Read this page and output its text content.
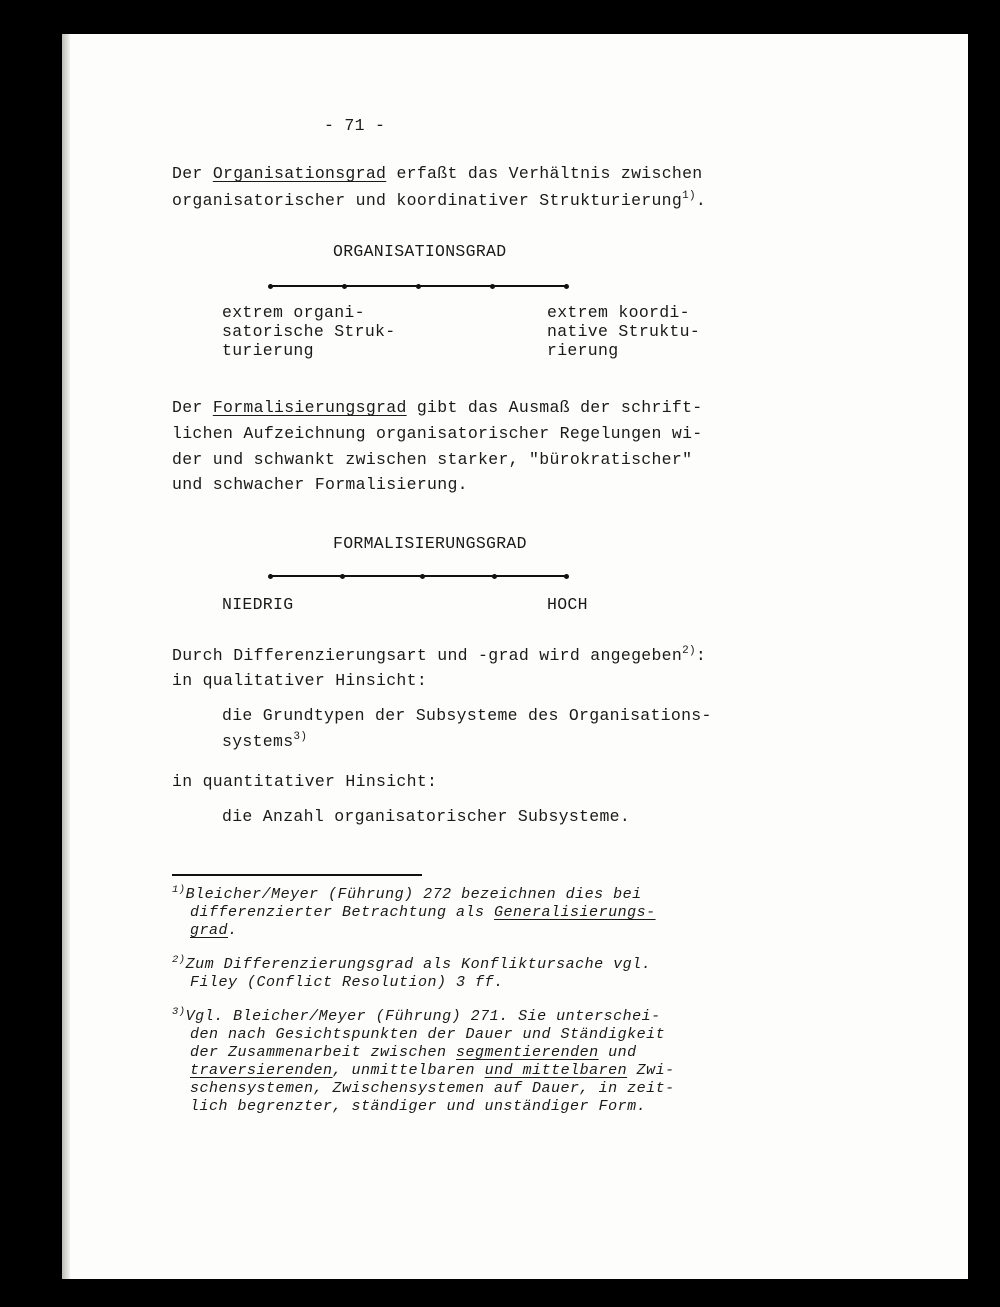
- 71 -
Der Organisationsgrad erfaßt das Verhältnis zwischen
organisatorischer und koordinativer Strukturierung$^{1)}$.
ORGANISATIONSGRAD
extrem organi-
satorische Struk-
turierung
extrem koordi-
native Struktu-
rierung
Der Formalisierungsgrad gibt das Ausmaß der schrift-
lichen Aufzeichnung organisatorischer Regelungen wi-
der und schwankt zwischen starker, "bürokratischer"
und schwacher Formalisierung.
FORMALISIERUNGSGRAD
NIEDRIG	HOCH
Durch Differenzierungsart und -grad wird angegeben$^{2)}$:
in qualitativer Hinsicht:
die Grundtypen der Subsysteme des Organisations-
systems$^{3)}$
in quantitativer Hinsicht:
die Anzahl organisatorischer Subsysteme.
$^{1)}$Bleicher/Meyer (Führung) 272 bezeichnen dies bei
differenzierter Betrachtung als Generalisierungs-
grad.
$^{2)}$Zum Differenzierungsgrad als Konfliktursache vgl.
Filey (Conflict Resolution) 3 ff.
$^{3)}$Vgl. Bleicher/Meyer (Führung) 271. Sie unterschei-
den nach Gesichtspunkten der Dauer und Ständigkeit
der Zusammenarbeit zwischen segmentierenden und
traversierenden, unmittelbaren und mittelbaren Zwi-
schensystemen, Zwischensystemen auf Dauer, in zeit-
lich begrenzter, ständiger und unständiger Form.
